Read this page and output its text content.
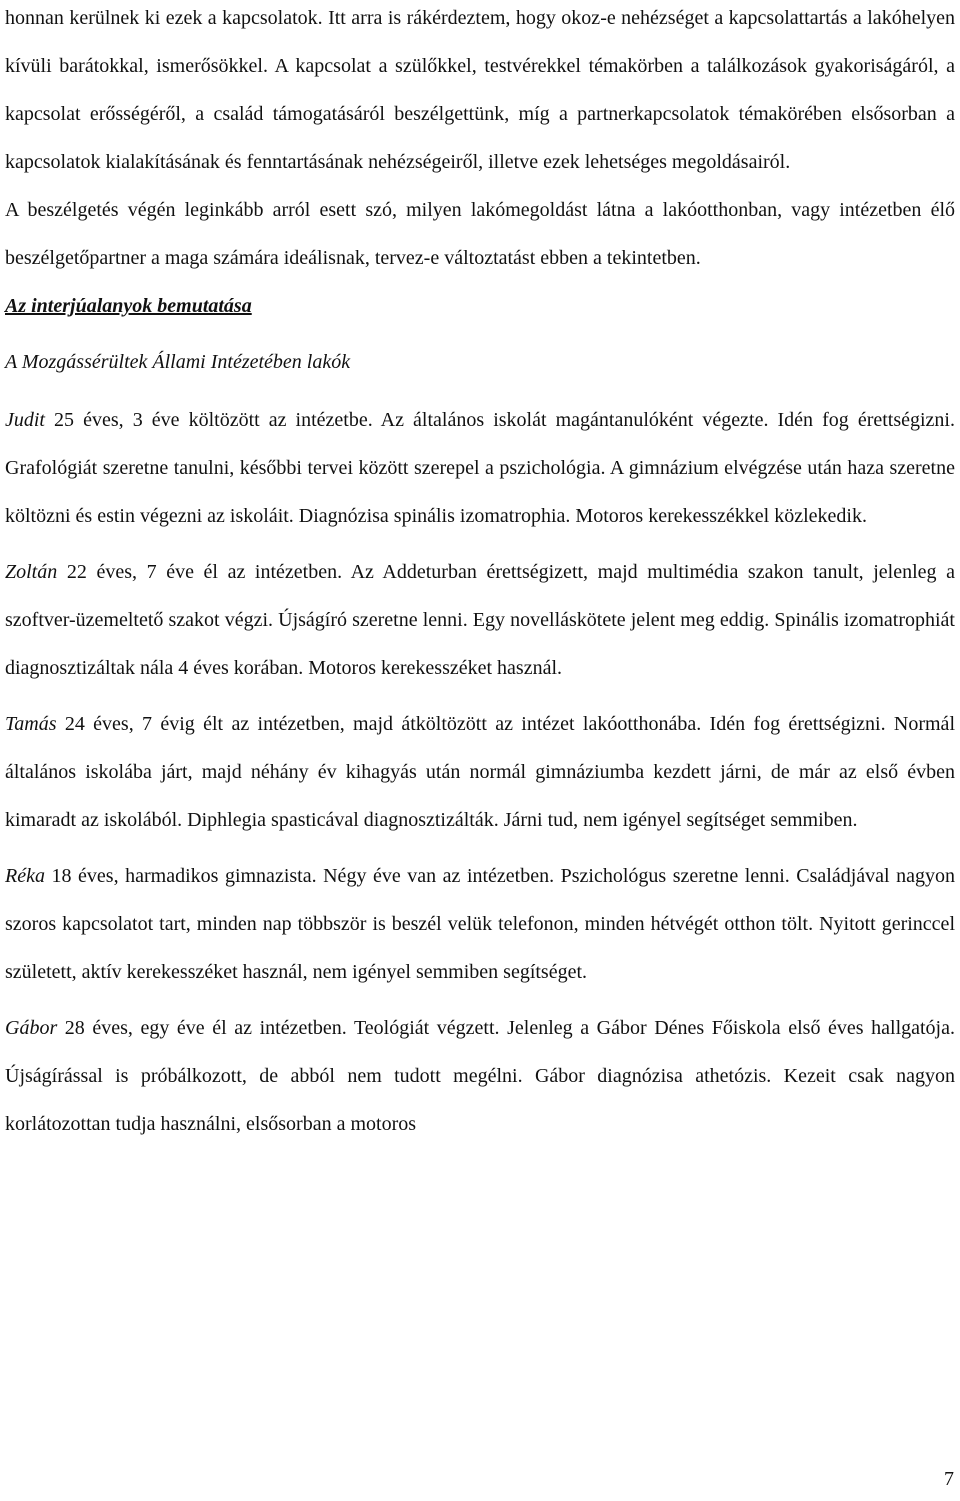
honnan kerülnek ki ezek a kapcsolatok. Itt arra is rákérdeztem, hogy okoz-e nehézséget a kapcsolattartás a lakóhelyen kívüli barátokkal, ismerősökkel. A kapcsolat a szülőkkel, testvérekkel témakörben a találkozások gyakoriságáról, a kapcsolat erősségéről, a család támogatásáról beszélgettünk, míg a partnerkapcsolatok témakörében elsősorban a kapcsolatok kialakításának és fenntartásának nehézségeiről, illetve ezek lehetséges megoldásairól.

A beszélgetés végén leginkább arról esett szó, milyen lakómegoldást látna a lakóotthonban, vagy intézetben élő beszélgetőpartner a maga számára ideálisnak, tervez-e változtatást ebben a tekintetben.

Az interjúalanyok bemutatása

A Mozgássérültek Állami Intézetében lakók

Judit 25 éves, 3 éve költözött az intézetbe. Az általános iskolát magántanulóként végezte. Idén fog érettségizni. Grafológiát szeretne tanulni, későbbi tervei között szerepel a pszichológia. A gimnázium elvégzése után haza szeretne költözni és estin végezni az iskoláit. Diagnózisa spinális izomatrophia. Motoros kerekesszékkel közlekedik.

Zoltán 22 éves, 7 éve él az intézetben. Az Addeturban érettségizett, majd multimédia szakon tanult, jelenleg a szoftver-üzemeltető szakot végzi. Újságíró szeretne lenni. Egy novelláskötete jelent meg eddig. Spinális izomatrophiát diagnosztizáltak nála 4 éves korában. Motoros kerekesszéket használ.

Tamás 24 éves, 7 évig élt az intézetben, majd átköltözött az intézet lakóotthonába. Idén fog érettségizni. Normál általános iskolába járt, majd néhány év kihagyás után normál gimnáziumba kezdett járni, de már az első évben kimaradt az iskolából. Diphlegia spasticával diagnosztizálták. Járni tud, nem igényel segítséget semmiben.

Réka 18 éves, harmadikos gimnazista. Négy éve van az intézetben. Pszichológus szeretne lenni. Családjával nagyon szoros kapcsolatot tart, minden nap többször is beszél velük telefonon, minden hétvégét otthon tölt. Nyitott gerinccel született, aktív kerekesszéket használ, nem igényel semmiben segítséget.

Gábor 28 éves, egy éve él az intézetben. Teológiát végzett. Jelenleg a Gábor Dénes Főiskola első éves hallgatója. Újságírással is próbálkozott, de abból nem tudott megélni. Gábor diagnózisa athetózis. Kezeit csak nagyon korlátozottan tudja használni, elsősorban a motoros

7
